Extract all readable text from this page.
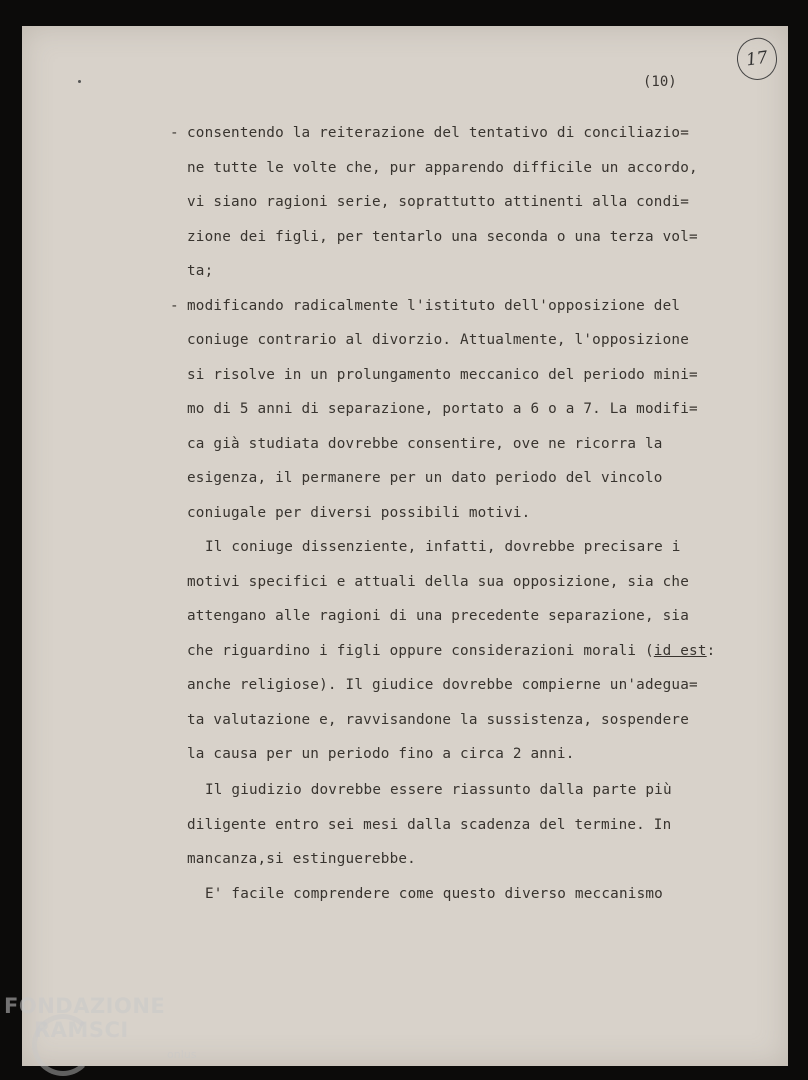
17
(10)
- consentendo la reiterazione del tentativo di conciliazio=
ne tutte le volte che, pur apparendo difficile un accordo,
vi siano ragioni serie, soprattutto attinenti alla condi=
zione dei figli, per tentarlo una seconda o una terza vol=
ta;
- modificando radicalmente l'istituto dell'opposizione del
coniuge contrario al divorzio. Attualmente, l'opposizione
si risolve in un prolungamento meccanico del periodo mini=
mo di 5 anni di separazione, portato a 6 o a 7. La modifi=
ca già studiata dovrebbe consentire, ove ne ricorra la
esigenza, il permanere per un dato periodo del vincolo
coniugale per diversi possibili motivi.
Il coniuge dissenziente, infatti, dovrebbe precisare i
motivi specifici e attuali della sua opposizione, sia che
attengano alle ragioni di una precedente separazione, sia
che riguardino i figli oppure considerazioni morali (id est:
anche religiose). Il giudice dovrebbe compierne un'adegua=
ta valutazione e, ravvisandone la sussistenza, sospendere
la causa per un periodo fino a circa 2 anni.
Il giudizio dovrebbe essere riassunto dalla parte più
diligente entro sei mesi dalla scadenza del termine. In
mancanza,si estinguerebbe.
E' facile comprendere come questo diverso meccanismo
FONDAZIONE
RAMSCI
onlus
